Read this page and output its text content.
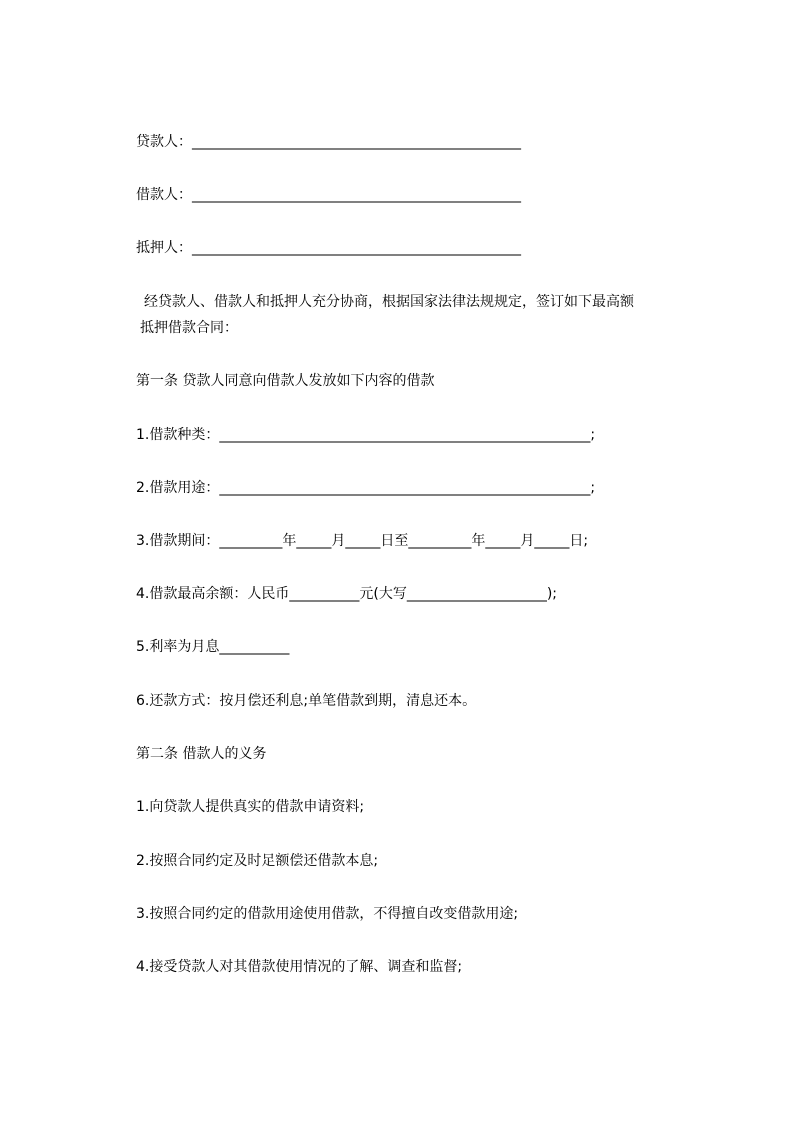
贷款人：_______________________________________________
借款人：_______________________________________________
抵押人：_______________________________________________
经贷款人、借款人和抵押人充分协商，根据国家法律法规规定，签订如下最高额
抵押借款合同：
第一条 贷款人同意向借款人发放如下内容的借款
1.借款种类：_____________________________________________________;
2.借款用途：_____________________________________________________;
3.借款期间：_________年_____月_____日至_________年_____月_____日;
4.借款最高余额：人民币__________元(大写____________________);
5.利率为月息__________
6.还款方式：按月偿还利息;单笔借款到期，清息还本。
第二条 借款人的义务
1.向贷款人提供真实的借款申请资料;
2.按照合同约定及时足额偿还借款本息;
3.按照合同约定的借款用途使用借款，不得擅自改变借款用途;
4.接受贷款人对其借款使用情况的了解、调查和监督;
